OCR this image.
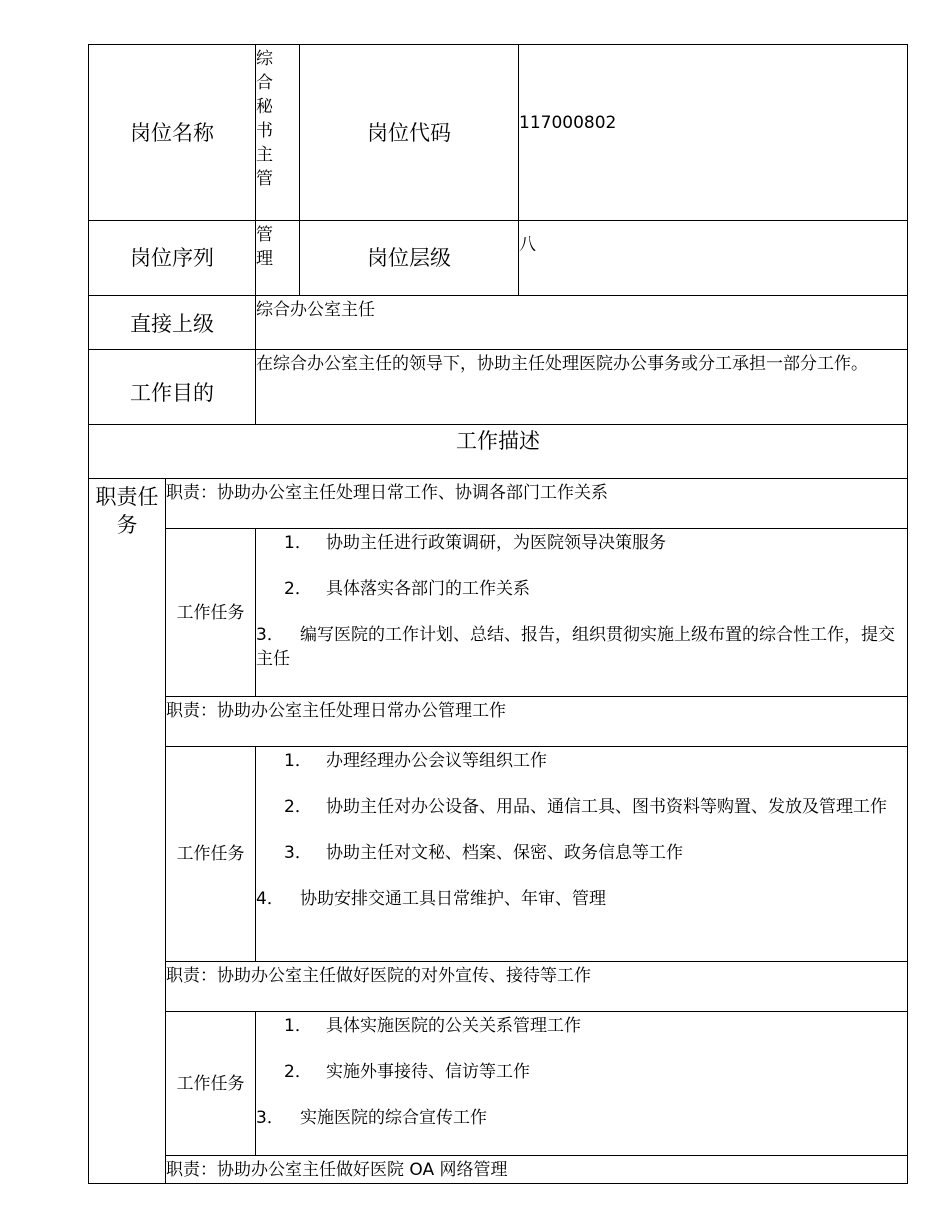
岗位名称		综合秘书主管	岗位代码	117000802
岗位序列		管理	岗位层级	八
直接上级		综合办公室主任		
工作目的		在综合办公室主任的领导下，协助主任处理医院办公事务或分工承担一部分工作。		
工作描述				
职责任务	职责：协助办公室主任处理日常工作、协调各部门工作关系			
	工作任务	1． 协助主任进行政策调研，为医院领导决策服务
2． 具体落实各部门的工作关系
3． 编写医院的工作计划、总结、报告，组织贯彻实施上级布置的综合性工作，提交主任		

	职责：协助办公室主任处理日常办公管理工作			
	工作任务	1． 办理经理办公会议等组织工作
2． 协助主任对办公设备、用品、通信工具、图书资料等购置、发放及管理工作
3． 协助主任对文秘、档案、保密、政务信息等工作
4． 协助安排交通工具日常维护、年审、管理		

	职责：协助办公室主任做好医院的对外宣传、接待等工作			
	工作任务	1． 具体实施医院的公关关系管理工作
2． 实施外事接待、信访等工作
3． 实施医院的综合宣传工作		

	职责：协助办公室主任做好医院 OA 网络管理			
